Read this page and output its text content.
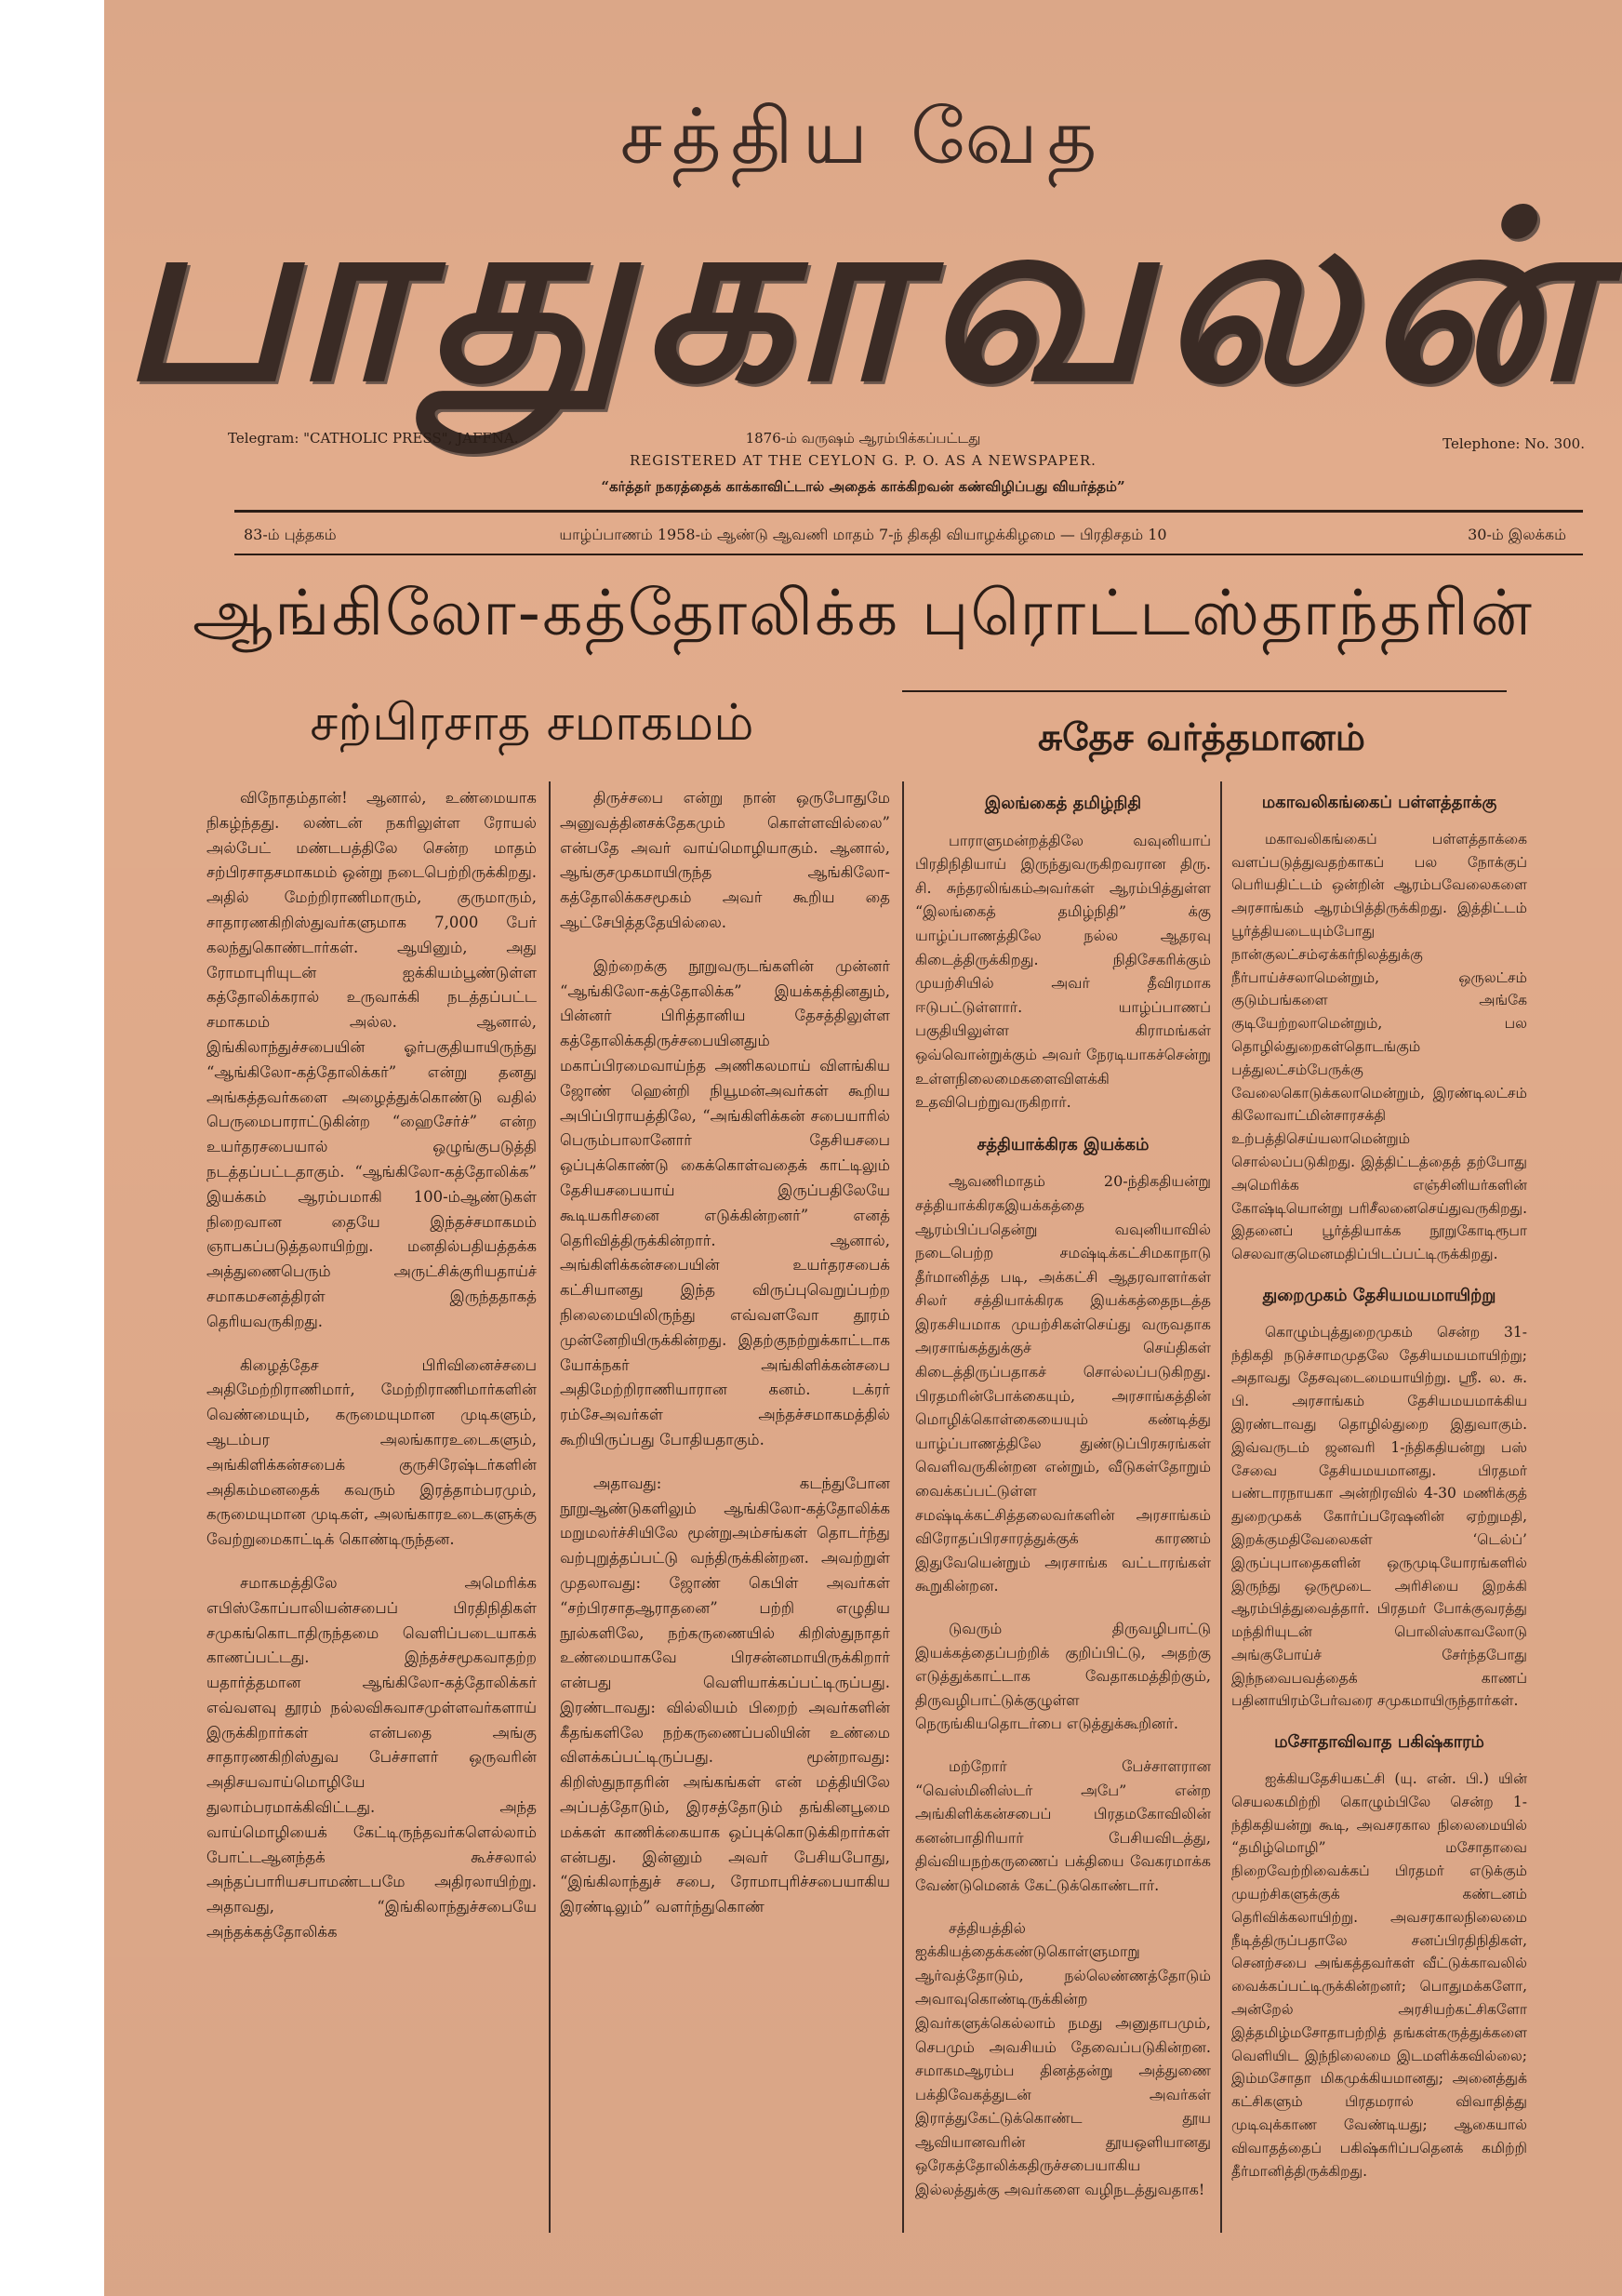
சத்திய வேத
பாதுகாவலன்
Telegram: "CATHOLIC PRESS", JAFFNA.	1876-ம் வருஷம் ஆரம்பிக்கப்பட்டது
REGISTERED AT THE CEYLON G. P. O. AS A NEWSPAPER.
Telephone: No. 300.
“கர்த்தர் நகரத்தைக் காக்காவிட்டால் அதைக் காக்கிறவன் கண்விழிப்பது வியர்த்தம்”
83-ம் புத்தகம்	யாழ்ப்பாணம் 1958-ம் ஆண்டு ஆவணி மாதம் 7-ந் திகதி வியாழக்கிழமை — பிரதிசதம் 10	30-ம் இலக்கம்
ஆங்கிலோ-கத்தோலிக்க புரொட்டஸ்தாந்தரின்
சற்பிரசாத சமாகமம்	சுதேச வர்த்தமானம்

விநோதம்தான்! ஆனால், உண்மையாக நிகழ்ந்தது. லண்டன் நகரிலுள்ள ரோயல் அல்பேட் மண்டபத்திலே சென்ற மாதம் சற்பிரசாதசமாகமம் ஒன்று நடைபெற்றிருக்கிறது. அதில் மேற்றிராணிமாரும், குருமாரும், சாதாரணகிறிஸ்துவர்களுமாக 7,000 பேர் கலந்துகொண்டார்கள். ஆயினும், அது ரோமாபுரியுடன் ஐக்கியம்பூண்டுள்ள கத்தோலிக்கரால் உருவாக்கி நடத்தப்பட்ட சமாகமம் அல்ல. ஆனால், இங்கிலாந்துச்சபையின் ஓர்பகுதியாயிருந்து “ஆங்கிலோ-கத்தோலிக்கர்” என்று தனது அங்கத்தவர்களை அழைத்துக்கொண்டு வதில் பெருமைபாராட்டுகின்ற “ஹைசேர்ச்” என்ற உயர்தரசபையால் ஒழுங்குபடுத்தி நடத்தப்பட்டதாகும். “ஆங்கிலோ-கத்தோலிக்க” இயக்கம் ஆரம்பமாகி 100-ம்ஆண்டுகள் நிறைவான தையே இந்தச்சமாகமம் ஞாபகப்படுத்தலாயிற்று. மனதில்பதியத்தக்க அத்துணைபெரும் அருட்சிக்குரியதாய்ச் சமாகமசனத்திரள் இருந்ததாகத் தெரியவருகிறது.

கிழைத்தேச பிரிவினைச்சபை அதிமேற்றிராணிமார், மேற்றிராணிமார்களின் வெண்மையும், கருமையுமான முடிகளும், ஆடம்பர அலங்காரஉடைகளும், அங்கிளிக்கன்சபைக் குருசிரேஷ்டர்களின் அதிகம்மனதைக் கவரும் இரத்தாம்பரமும், கருமையுமான முடிகள், அலங்காரஉடைகளுக்கு வேற்றுமைகாட்டிக் கொண்டிருந்தன.

சமாகமத்திலே அமெரிக்க எபிஸ்கோப்பாலியன்சபைப் பிரதிநிதிகள் சமுகங்கொடாதிருந்தமை வெளிப்படையாகக் காணப்பட்டது. இந்தச்சமூகவாதற்ற யதார்த்தமான ஆங்கிலோ-கத்தோலிக்கர் எவ்வளவு தூரம் நல்லவிசுவாசமுள்ளவர்களாய் இருக்கிறார்கள் என்பதை அங்கு சாதாரணகிறிஸ்துவ பேச்சாளர் ஒருவரின் அதிசயவாய்மொழியே துலாம்பரமாக்கிவிட்டது. அந்த வாய்மொழியைக் கேட்டிருந்தவர்களெல்லாம் போட்டஆனந்தக் கூச்சலால் அந்தப்பாரியசபாமண்டபமே அதிரலாயிற்று. அதாவது, “இங்கிலாந்துச்சபையே அந்தக்கத்தோலிக்க

திருச்சபை என்று நான் ஒருபோதுமே அனுவத்தினசக்தேகமும் கொள்ளவில்லை” என்பதே அவர் வாய்மொழியாகும். ஆனால், ஆங்குசமுகமாயிருந்த ஆங்கிலோ-கத்தோலிக்கசமூகம் அவர் கூறிய தை ஆட்சேபித்ததேயில்லை.

இற்றைக்கு நூறுவருடங்களின் முன்னர் “ஆங்கிலோ-கத்தோலிக்க” இயக்கத்தினதும், பின்னர் பிரித்தானிய தேசத்திலுள்ள கத்தோலிக்கதிருச்சபையினதும் மகாப்பிரமைவாய்ந்த அணிகலமாய் விளங்கிய ஜோண் ஹென்றி நியூமன்அவர்கள் கூறிய அபிப்பிராயத்திலே, “அங்கிளிக்கன் சபையாரில் பெரும்பாலானோர் தேசியசபை ஒப்புக்கொண்டு கைக்கொள்வதைக் காட்டிலும் தேசியசபையாய் இருப்பதிலேயே கூடியகரிசனை எடுக்கின்றனர்” எனத் தெரிவித்திருக்கின்றார். ஆனால், அங்கிளிக்கன்சபையின் உயர்தரசபைக் கட்சியானது இந்த விருப்புவெறுப்பற்ற நிலைமையிலிருந்து எவ்வளவோ தூரம் முன்னேறியிருக்கின்றது. இதற்குநற்றுக்காட்டாக யோக்நகர் அங்கிளிக்கன்சபை அதிமேற்றிராணியாரான கனம். டக்ரர் ரம்சேஅவர்கள் அந்தச்சமாகமத்தில் கூறியிருப்பது போதியதாகும்.

அதாவது: கடந்துபோன நூறுஆண்டுகளிலும் ஆங்கிலோ-கத்தோலிக்க மறுமலர்ச்சியிலே மூன்றுஅம்சங்கள் தொடர்ந்து வற்புறுத்தப்பட்டு வந்திருக்கின்றன. அவற்றுள் முதலாவது: ஜோண் கெபிள் அவர்கள் “சற்பிரசாதஆராதனை” பற்றி எழுதிய நூல்களிலே, நற்கருணையில் கிறிஸ்துநாதர் உண்மையாகவே பிரசன்னமாயிருக்கிறார் என்பது வெளியாக்கப்பட்டிருப்பது. இரண்டாவது: வில்லியம் பிறைற் அவர்களின் கீதங்களிலே நற்கருணைப்பலியின் உண்மை விளக்கப்பட்டிருப்பது. மூன்றாவது: கிறிஸ்துநாதரின் அங்கங்கள் என் மத்தியிலே அப்பத்தோடும், இரசத்தோடும் தங்கினபூமை மக்கள் காணிக்கையாக ஒப்புக்கொடுக்கிறார்கள் என்பது. இன்னும் அவர் பேசியபோது, “இங்கிலாந்துச் சபை, ரோமாபுரிச்சபையாகிய இரண்டிலும்” வளர்ந்துகொண்

இலங்கைத் தமிழ்நிதி

பாராளுமன்றத்திலே வவுனியாப் பிரதிநிதியாய் இருந்துவருகிறவரான திரு. சி. சுந்தரலிங்கம்அவர்கள் ஆரம்பித்துள்ள “இலங்கைத் தமிழ்நிதி” க்கு யாழ்ப்பாணத்திலே நல்ல ஆதரவு கிடைத்திருக்கிறது. நிதிசேகரிக்கும் முயற்சியில் அவர் தீவிரமாக ஈடுபட்டுள்ளார். யாழ்ப்பாணப் பகுதியிலுள்ள கிராமங்கள் ஒவ்வொன்றுக்கும் அவர் நேரடியாகச்சென்று உள்ளநிலைமைகளைவிளக்கி உதவிபெற்றுவருகிறார்.

சத்தியாக்கிரக இயக்கம்

ஆவணிமாதம் 20-ந்திகதியன்று சத்தியாக்கிரகஇயக்கத்தை ஆரம்பிப்பதென்று வவுனியாவில் நடைபெற்ற சமஷ்டிக்கட்சிமகாநாடு தீர்மானித்த படி, அக்கட்சி ஆதரவாளர்கள் சிலர் சத்தியாக்கிரக இயக்கத்தைநடத்த இரகசியமாக முயற்சிகள்செய்து வருவதாக அரசாங்கத்துக்குச் செய்திகள் கிடைத்திருப்பதாகச் சொல்லப்படுகிறது. பிரதமரின்போக்கையும், அரசாங்கத்தின் மொழிக்கொள்கையையும் கண்டித்து யாழ்ப்பாணத்திலே துண்டுப்பிரசுரங்கள் வெளிவருகின்றன என்றும், வீடுகள்தோறும் வைக்கப்பட்டுள்ள சமஷ்டிக்கட்சித்தலைவர்களின் அரசாங்கம் விரோதப்பிரசாரத்துக்குக் காரணம் இதுவேயென்றும் அரசாங்க வட்டாரங்கள் கூறுகின்றன.

டுவரும் திருவழிபாட்டு இயக்கத்தைப்பற்றிக் குறிப்பிட்டு, அதற்கு எடுத்துக்காட்டாக வேதாகமத்திற்கும், திருவழிபாட்டுக்குழுள்ள நெருங்கியதொடர்பை எடுத்துக்கூறினர்.

மற்றோர் பேச்சாளரான “வெஸ்மினிஸ்டர் அபே” என்ற அங்கிளிக்கன்சபைப் பிரதமகோவிலின் கனன்பாதிரியார் பேசியவிடத்து, திவ்வியநற்கருணைப் பக்தியை வேகரமாக்க வேண்டுமெனக் கேட்டுக்கொண்டார்.

சத்தியத்தில் ஐக்கியத்தைக்கண்டுகொள்ளுமாறு ஆர்வத்தோடும், நல்லெண்ணத்தோடும் அவாவுகொண்டிருக்கின்ற இவர்களுக்கெல்லாம் நமது அனுதாபமும், செபமும் அவசியம் தேவைப்படுகின்றன. சமாகமஆரம்ப தினத்தன்று அத்துணை பக்திவேகத்துடன் அவர்கள் இராத்துகேட்டுக்கொண்ட தூய ஆவியானவரின் தூயஒளியானது ஒரேகத்தோலிக்கதிருச்சபையாகிய இல்லத்துக்கு அவர்களை வழிநடத்துவதாக!

மகாவலிகங்கைப் பள்ளத்தாக்கு

மகாவலிகங்கைப் பள்ளத்தாக்கை வளப்படுத்துவதற்காகப் பல நோக்குப் பெரியதிட்டம் ஒன்றின் ஆரம்பவேலைகளை அரசாங்கம் ஆரம்பித்திருக்கிறது. இத்திட்டம் பூர்த்தியடையும்போது நான்குலட்சம்ஏக்கர்நிலத்துக்கு நீர்பாய்ச்சலாமென்றும், ஒருலட்சம் குடும்பங்களை அங்கே குடியேற்றலாமென்றும், பல தொழில்துறைகள்தொடங்கும் பத்துலட்சம்பேருக்கு வேலைகொடுக்கலாமென்றும், இரண்டிலட்சம் கிலோவாட்மின்சாரசக்தி உற்பத்திசெய்யலாமென்றும் சொல்லப்படுகிறது. இத்திட்டத்தைத் தற்போது அமெரிக்க எஞ்சினியர்களின் கோஷ்டியொன்று பரிசீலனைசெய்துவருகிறது. இதனைப் பூர்த்தியாக்க நூறுகோடிரூபா செலவாகுமெனமதிப்பிடப்பட்டிருக்கிறது.

துறைமுகம் தேசியமயமாயிற்று

கொழும்புத்துறைமுகம் சென்ற 31-ந்திகதி நடுச்சாமமுதலே தேசியமயமாயிற்று; அதாவது தேசவுடைமையாயிற்று. ஸ்ரீ. ல. சு. பி. அரசாங்கம் தேசியமயமாக்கிய இரண்டாவது தொழில்துறை இதுவாகும். இவ்வருடம் ஜனவரி 1-ந்திகதியன்று பஸ் சேவை தேசியமயமானது. பிரதமர் பண்டாரநாயகா அன்றிரவில் 4-30 மணிக்குத் துறைமுகக் கோர்ப்பரேஷனின் ஏற்றுமதி, இறக்குமதிவேலைகள் ‘டெல்ப்’ இருப்புபாதைகளின் ஒருமுடியோரங்களில் இருந்து ஒருமூடை அரிசியை இறக்கி ஆரம்பித்துவைத்தார். பிரதமர் போக்குவரத்து மந்திரியுடன் பொலிஸ்காவலோடு அங்குபோய்ச் சேர்ந்தபோது இந்நவைபவத்தைக் காணப் பதினாயிரம்பேர்வரை சமுகமாயிருந்தார்கள்.

மசோதாவிவாத பகிஷ்காரம்

ஐக்கியதேசியகட்சி (யு. என். பி.) யின் செயலகமிற்றி கொழும்பிலே சென்ற 1-ந்திகதியன்று கூடி, அவசரகால நிலைமையில் “தமிழ்மொழி” மசோதாவை நிறைவேற்றிவைக்கப் பிரதமர் எடுக்கும் முயற்சிகளுக்குக் கண்டனம் தெரிவிக்கலாயிற்று. அவசரகாலநிலைமை நீடித்திருப்பதாலே சனப்பிரதிநிதிகள், செனற்சபை அங்கத்தவர்கள் வீட்டுக்காவலில் வைக்கப்பட்டிருக்கின்றனர்; பொதுமக்களோ, அன்றேல் அரசியற்கட்சிகளோ இத்தமிழ்மசோதாபற்றித் தங்கள்கருத்துக்களை வெளியிட இந்நிலைமை இடமளிக்கவில்லை; இம்மசோதா மிகமுக்கியமானது; அனைத்துக் கட்சிகளும் பிரதமரால் விவாதித்து முடிவுக்காண வேண்டியது; ஆகையால் விவாதத்தைப் பகிஷ்கரிப்பதெனக் கமிற்றி தீர்மானித்திருக்கிறது.
